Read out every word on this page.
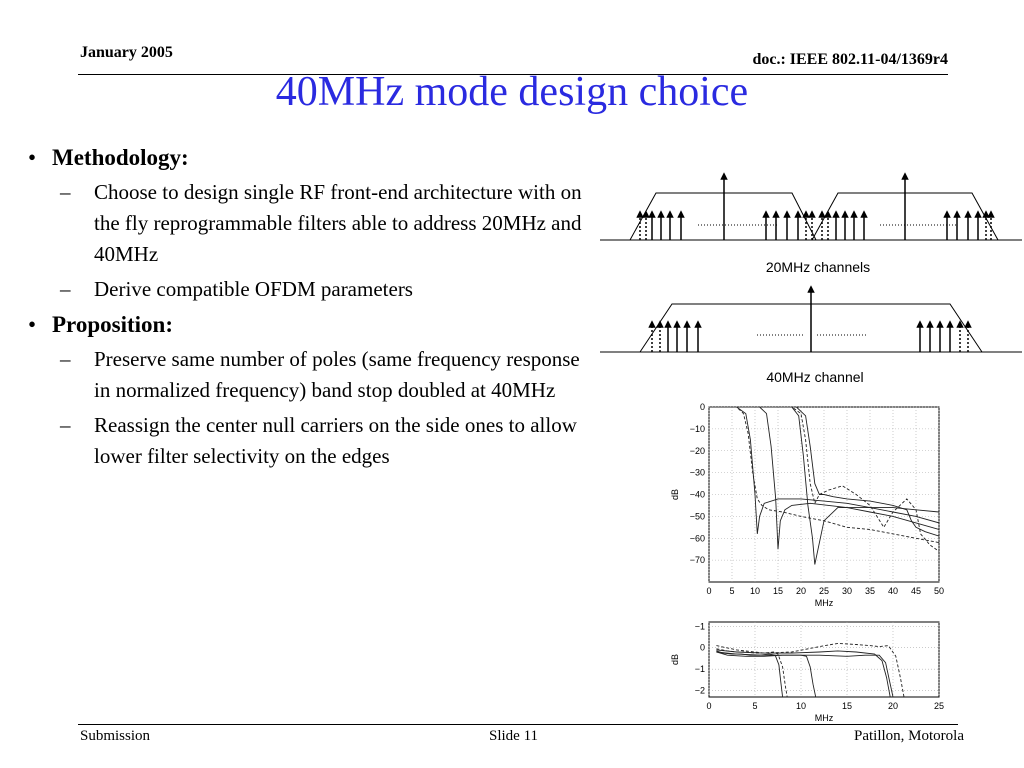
January 2005	doc.: IEEE 802.11-04/1369r4
40MHz mode design choice
• Methodology:
– Choose to design single RF front-end architecture with on the fly reprogrammable filters able to address 20MHz and 40MHz
– Derive compatible OFDM parameters
• Proposition:
– Preserve same number of poles (same frequency response in normalized frequency) band stop doubled at 40MHz
– Reassign the center null carriers on the side ones to allow lower filter selectivity on the edges
20MHz channels
40MHz channel
0 5 10 15 20 25 30 35 40 45 50
0
−10
−20
−30
−40
−50
−60
−70
MHz
dB
0	5	10	15	20	25
−1
0
−1
−2
MHz
dB
Submission	Slide 11	Patillon, Motorola
